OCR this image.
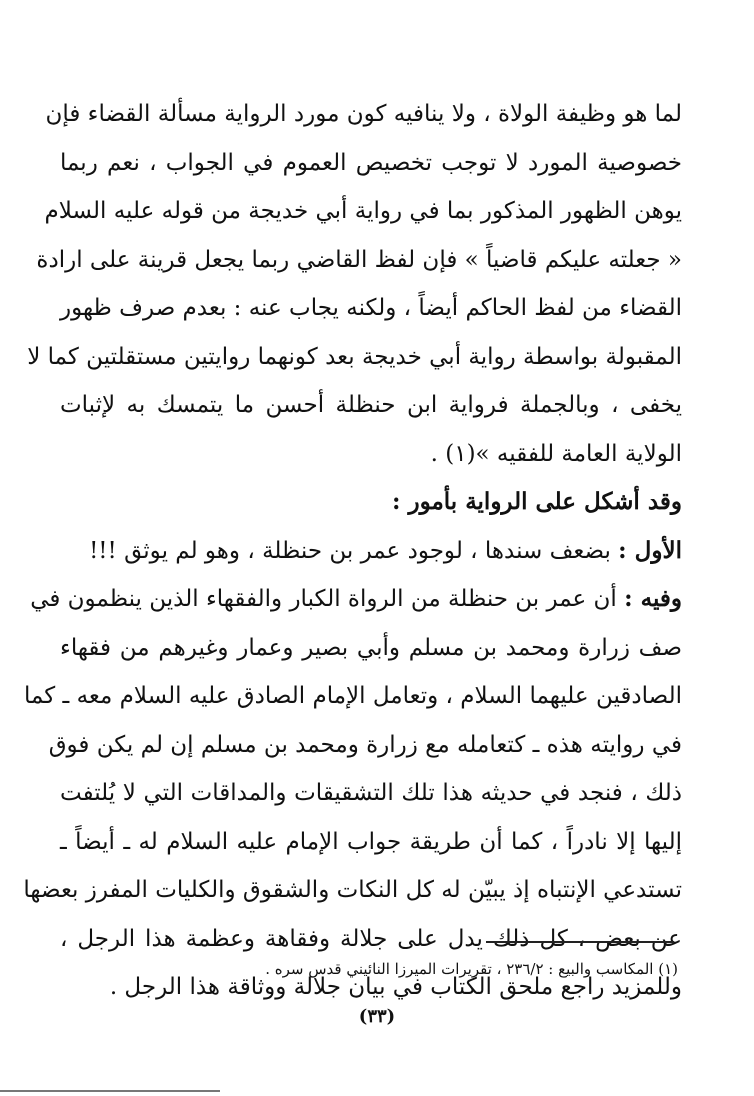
لما هو وظيفة الولاة ، ولا ينافيه كون مورد الرواية مسألة القضاء فإن
خصوصية المورد لا توجب تخصيص العموم في الجواب ، نعم ربما
يوهن الظهور المذكور بما في رواية أبي خديجة من قوله عليه السلام
« جعلته عليكم قاضياً » فإن لفظ القاضي ربما يجعل قرينة على ارادة
القضاء من لفظ الحاكم أيضاً ، ولكنه يجاب عنه : بعدم صرف ظهور
المقبولة بواسطة رواية أبي خديجة بعد كونهما روايتين مستقلتين كما لا
يخفى ، وبالجملة فرواية ابن حنظلة أحسن ما يتمسك به لإثبات
الولاية العامة للفقيه »(١) .
وقد أشكل على الرواية بأمور :
الأول : بضعف سندها ، لوجود عمر بن حنظلة ، وهو لم يوثق !!!
وفيه : أن عمر بن حنظلة من الرواة الكبار والفقهاء الذين ينظمون في
صف زرارة ومحمد بن مسلم وأبي بصير وعمار وغيرهم من فقهاء
الصادقين عليهما السلام ، وتعامل الإمام الصادق عليه السلام معه ـ كما
في روايته هذه ـ كتعامله مع زرارة ومحمد بن مسلم إن لم يكن فوق
ذلك ، فنجد في حديثه هذا تلك التشقيقات والمداقات التي لا يُلتفت
إليها إلا نادراً ، كما أن طريقة جواب الإمام عليه السلام له ـ أيضاً ـ
تستدعي الإنتباه إذ يبيّن له كل النكات والشقوق والكليات المفرز بعضها
عن بعض ، كل ذلك يدل على جلالة وفقاهة وعظمة هذا الرجل ،
وللمزيد راجع ملحق الكتاب في بيان جلالة ووثاقة هذا الرجل .
(١) المكاسب والبيع : ٢٣٦/٢ ، تقريرات الميرزا النائيني قدس سره .
(٣٣)
